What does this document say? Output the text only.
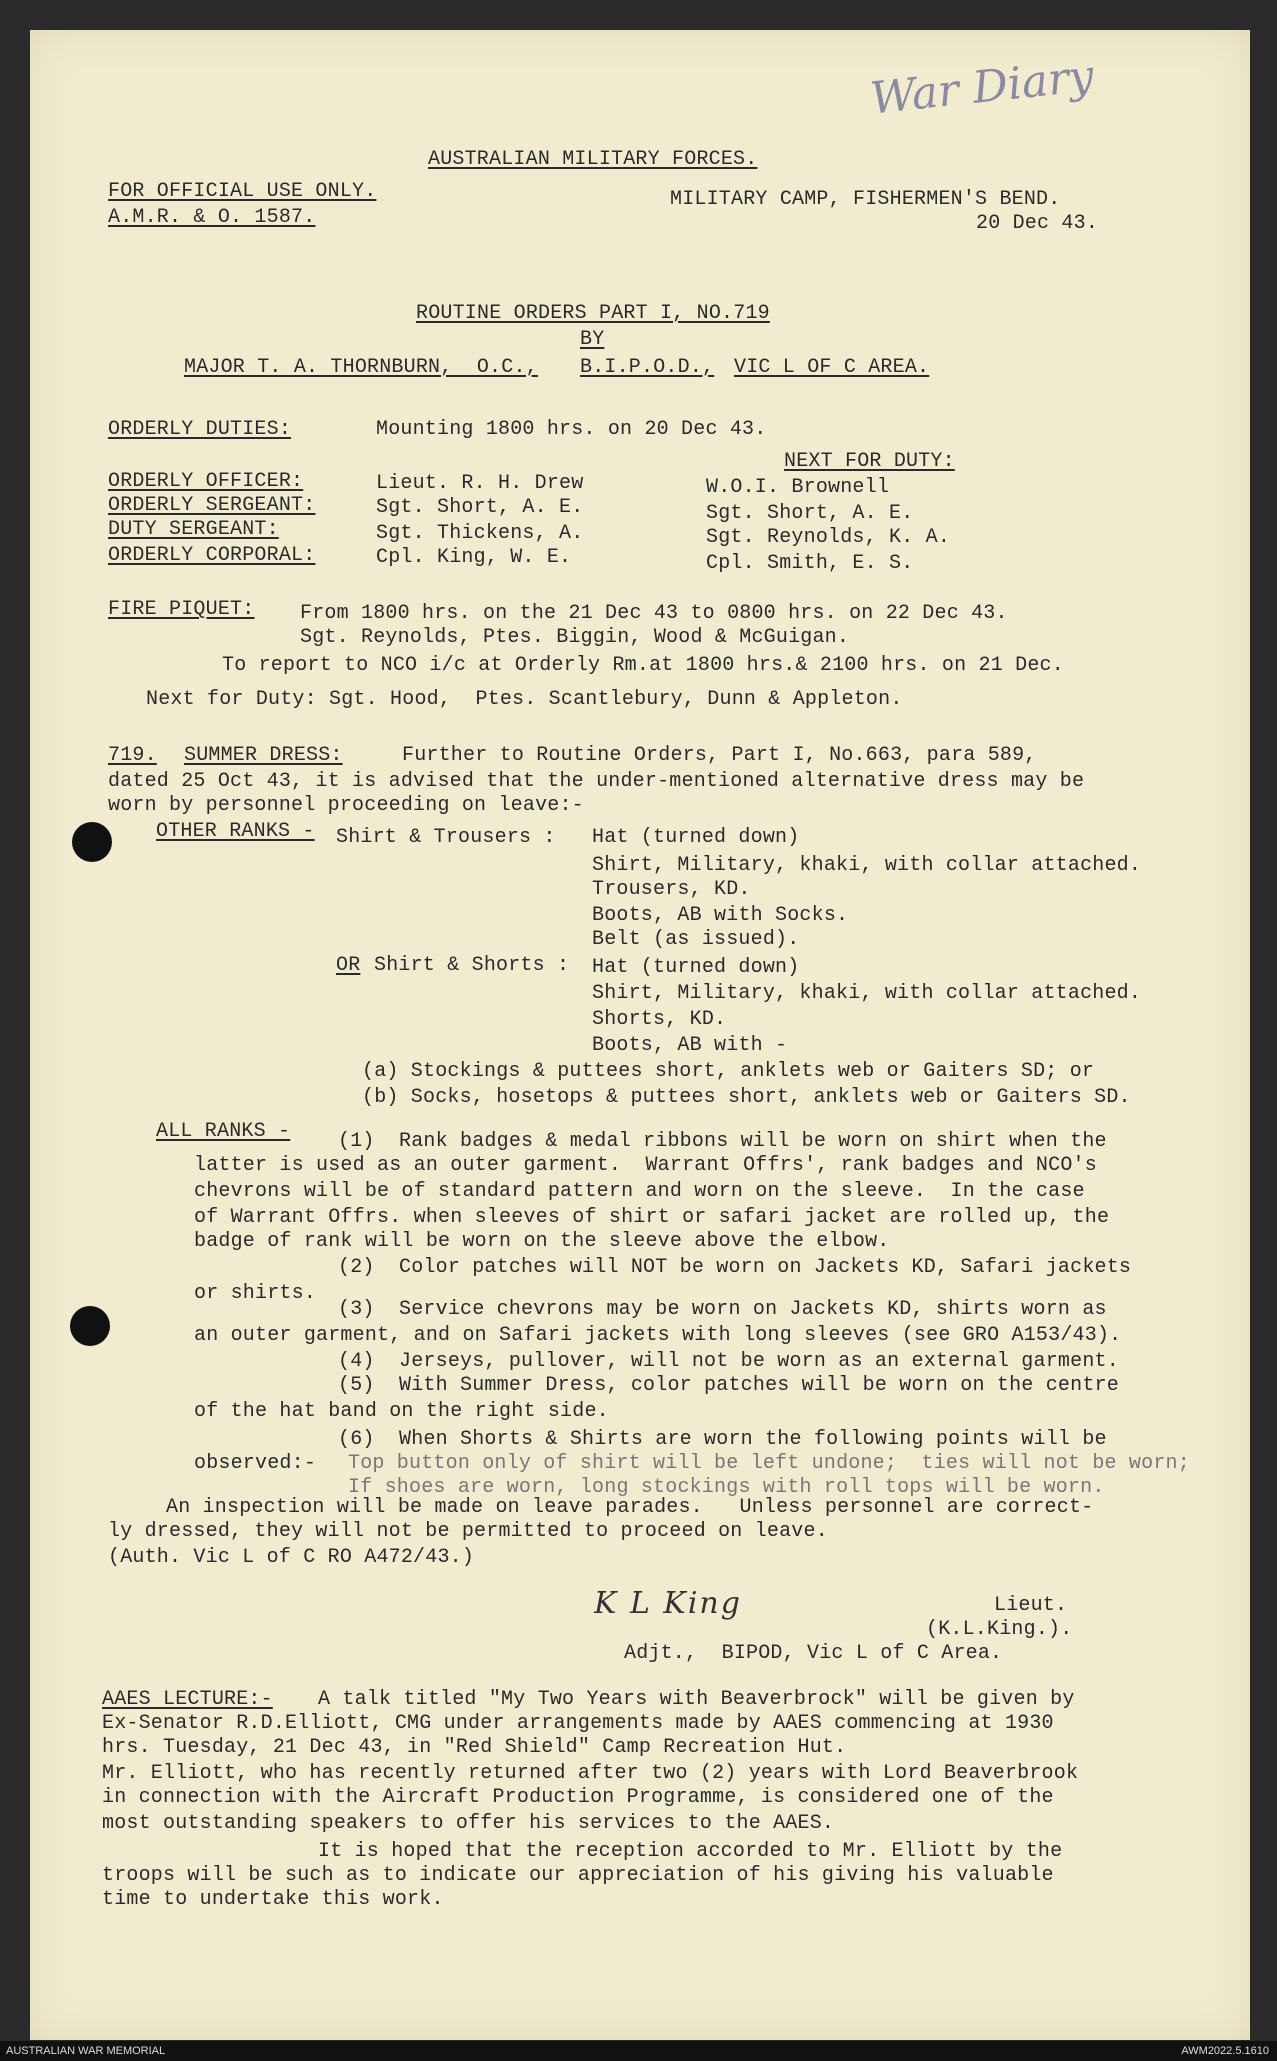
War Diary
AUSTRALIAN MILITARY FORCES.
FOR OFFICIAL USE ONLY.
A.M.R. & O. 1587.
MILITARY CAMP, FISHERMEN'S BEND.
20 Dec 43.
ROUTINE ORDERS PART I, NO.719
BY
MAJOR T. A. THORNBURN,  O.C., B.I.P.O.D., VIC L OF C AREA.
ORDERLY DUTIES:	Mounting 1800 hrs. on 20 Dec 43.
NEXT FOR DUTY:
ORDERLY OFFICER:	Lieut. R. H. Drew	W.O.I. Brownell
ORDERLY SERGEANT:	Sgt. Short, A. E.	Sgt. Short, A. E.
DUTY SERGEANT:	Sgt. Thickens, A.	Sgt. Reynolds, K. A.
ORDERLY CORPORAL:	Cpl. King, W. E.	Cpl. Smith, E. S.
FIRE PIQUET: From 1800 hrs. on the 21 Dec 43 to 0800 hrs. on 22 Dec 43.
Sgt. Reynolds, Ptes. Biggin, Wood & McGuigan.
To report to NCO i/c at Orderly Rm.at 1800 hrs.& 2100 hrs. on 21 Dec.
Next for Duty: Sgt. Hood,  Ptes. Scantlebury, Dunn & Appleton.
719. SUMMER DRESS:	Further to Routine Orders, Part I, No.663, para 589,
dated 25 Oct 43, it is advised that the under-mentioned alternative dress may be
worn by personnel proceeding on leave:-
OTHER RANKS - Shirt & Trousers : Hat (turned down)
Shirt, Military, khaki, with collar attached.
Trousers, KD.
Boots, AB with Socks.
Belt (as issued).
OR Shirt & Shorts : Hat (turned down)
Shirt, Military, khaki, with collar attached.
Shorts, KD.
Boots, AB with -
(a) Stockings & puttees short, anklets web or Gaiters SD; or
(b) Socks, hosetops & puttees short, anklets web or Gaiters SD.
ALL RANKS - (1)  Rank badges & medal ribbons will be worn on shirt when the
latter is used as an outer garment.  Warrant Offrs', rank badges and NCO's
chevrons will be of standard pattern and worn on the sleeve.  In the case
of Warrant Offrs. when sleeves of shirt or safari jacket are rolled up, the
badge of rank will be worn on the sleeve above the elbow.
(2)  Color patches will NOT be worn on Jackets KD, Safari jackets
or shirts.
(3)  Service chevrons may be worn on Jackets KD, shirts worn as
an outer garment, and on Safari jackets with long sleeves (see GRO A153/43).
(4)  Jerseys, pullover, will not be worn as an external garment.
(5)  With Summer Dress, color patches will be worn on the centre
of the hat band on the right side.
(6)  When Shorts & Shirts are worn the following points will be
observed:- Top button only of shirt will be left undone;  ties will not be worn;
If shoes are worn, long stockings with roll tops will be worn.
An inspection will be made on leave parades.   Unless personnel are correct-
ly dressed, they will not be permitted to proceed on leave.
(Auth. Vic L of C RO A472/43.)
K L King	Lieut.
(K.L.King.).
Adjt.,  BIPOD, Vic L of C Area.
AAES LECTURE:- A talk titled "My Two Years with Beaverbrock" will be given by
Ex-Senator R.D.Elliott, CMG under arrangements made by AAES commencing at 1930
hrs. Tuesday, 21 Dec 43, in "Red Shield" Camp Recreation Hut.
Mr. Elliott, who has recently returned after two (2) years with Lord Beaverbrook
in connection with the Aircraft Production Programme, is considered one of the
most outstanding speakers to offer his services to the AAES.
It is hoped that the reception accorded to Mr. Elliott by the
troops will be such as to indicate our appreciation of his giving his valuable
time to undertake this work.
AUSTRALIAN WAR MEMORIAL	AWM2022.5.1610
